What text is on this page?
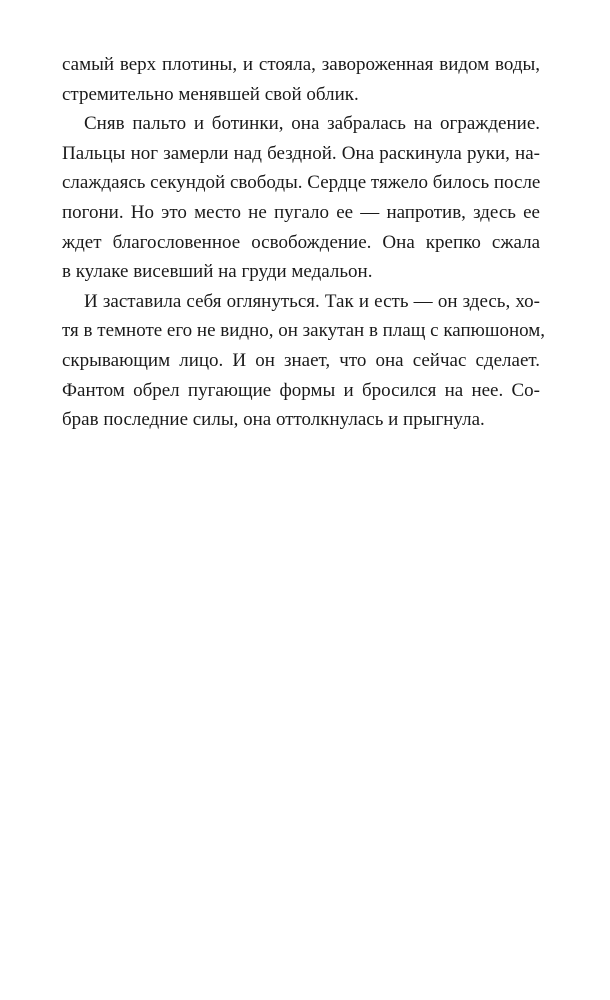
самый верх плотины, и стояла, завороженная видом воды,
стремительно менявшей свой облик.
Сняв пальто и ботинки, она забралась на ограждение.
Пальцы ног замерли над бездной. Она раскинула руки, на-
слаждаясь секундой свободы. Сердце тяжело билось после
погони. Но это место не пугало ее — напротив, здесь ее
ждет благословенное освобождение. Она крепко сжала
в кулаке висевший на груди медальон.
И заставила себя оглянуться. Так и есть — он здесь, хо-
тя в темноте его не видно, он закутан в плащ с капюшоном,
скрывающим лицо. И он знает, что она сейчас сделает.
Фантом обрел пугающие формы и бросился на нее. Со-
брав последние силы, она оттолкнулась и прыгнула.
